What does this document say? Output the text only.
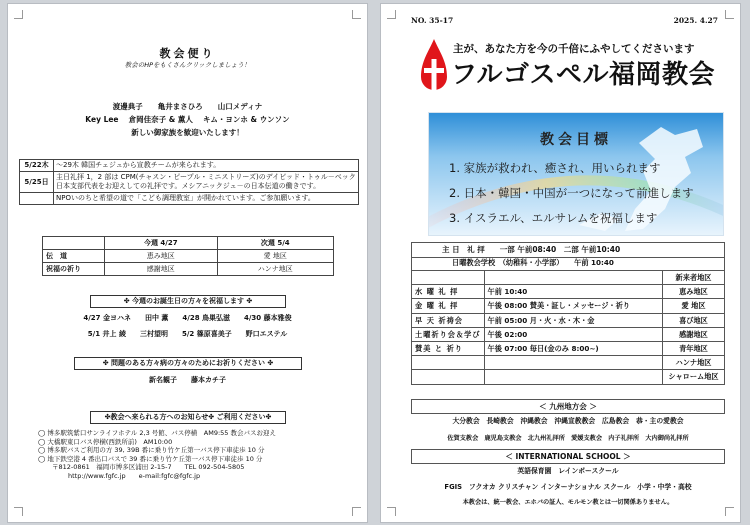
教会便り
教会のHPをもくさんクリックしましょう！
渡邊典子　　亀井まさひろ　　山口メディナ
Key Lee　 倉岡佳奈子 & 薫人　 キム・ヨンホ & ウンソン
新しい御家族を歓迎いたします！
5/22木	～29木 韓国チェジュから宣教チームが来られます。
5/25日	主日礼拝 1，2 部は CPM(チャスン・ピープル・ミニストリーズ)のデイビッド・トゥル－ベック日本支部代表をお迎えしての礼拝です。メシアニックジュ－の日本伝道の働きです。
	NPOいのちと希望の道で「こども調理教室」が開かれています。ご参加願います。
	今週 4/27	次週 5/4
伝　道	恵み地区	愛 地区
祝福の祈り	感謝地区	ハンナ地区
✤ 今週のお誕生日の方々を祝福します ✤
4/27 金ヨハネ　　田中 薫　　4/28 鳥巣弘滋　　4/30 藤本雅俊
5/1 井上 綾　　三村望明　　5/2 篠原喜美子　　野口エステル
✤ 問題のある方々病の方々のためにお祈りください ✤
新名観子　　藤本カチ子
✤教会へ来られる方へのお知らせ✤ ご利用ください✤
◯ 博多駅筑紫口サンライフホテル 2,3 号館、バス停横　AM9:55 教会バスお迎え
◯ 大橋駅東口バス停横(西鉄所前)　AM10:00
◯ 博多駅バスご利用の方 39, 39B 番に乗り竹ケ丘第一バス停下車徒歩 10 分
◯ 地下鉄空港 4 番出口バスで 39 番に乗り竹ケ丘第一バス停下車徒歩 10 分
〒812-0861　福岡市博多区浦田 2-15-7　　TEL 092-504-5805
http://www.fgfc.jp　　e-mail:fgfc@fgfc.jp
NO. 35-17	2025. 4.27
主が、あなた方を今の千倍にふやしてくださいます
フルゴスペル福岡教会
教会目標
1. 家族が救われ、癒され、用いられます
2. 日本・韓国・中国が一つになって前進します
3. イスラエル、エルサレムを祝福します
主 日　礼 拝　　一部 午前08:40　二部 午前10:40
日曜教会学校　（幼稚科・小学部）　　午前 10:40
		新来者地区
水 曜 礼 拝	午前 10:40	恵み地区
金 曜 礼 拝	午後 08:00 賛美・証し・メッセージ・祈り	愛 地区
早 天 祈祷会	午前 05:00 月・火・水・木・金	喜び地区
土曜祈り会＆学び	午後 02:00	感謝地区
賛美 と 祈り	午後 07:00 毎日(金のみ 8:00~)	青年地区
		ハンナ地区
		シャローム地区
＜ 九州地方会 ＞
大分教会　長崎教会　沖縄教会　沖縄宣教教会　広島教会　恭・主の愛教会
佐賀支教会　鹿児島支教会　北九州礼拝所　愛媛支教会　内子礼拝所　大内御尚礼拝所
＜ INTERNATIONAL SCHOOL ＞
英語保育園　レインボースクール
FGIS　フクオカ クリスチャン インターナショナル スクール　小学・中学・高校
本教会は、統一教会、エホバの証人、モルモン教とは一切関係ありません。
